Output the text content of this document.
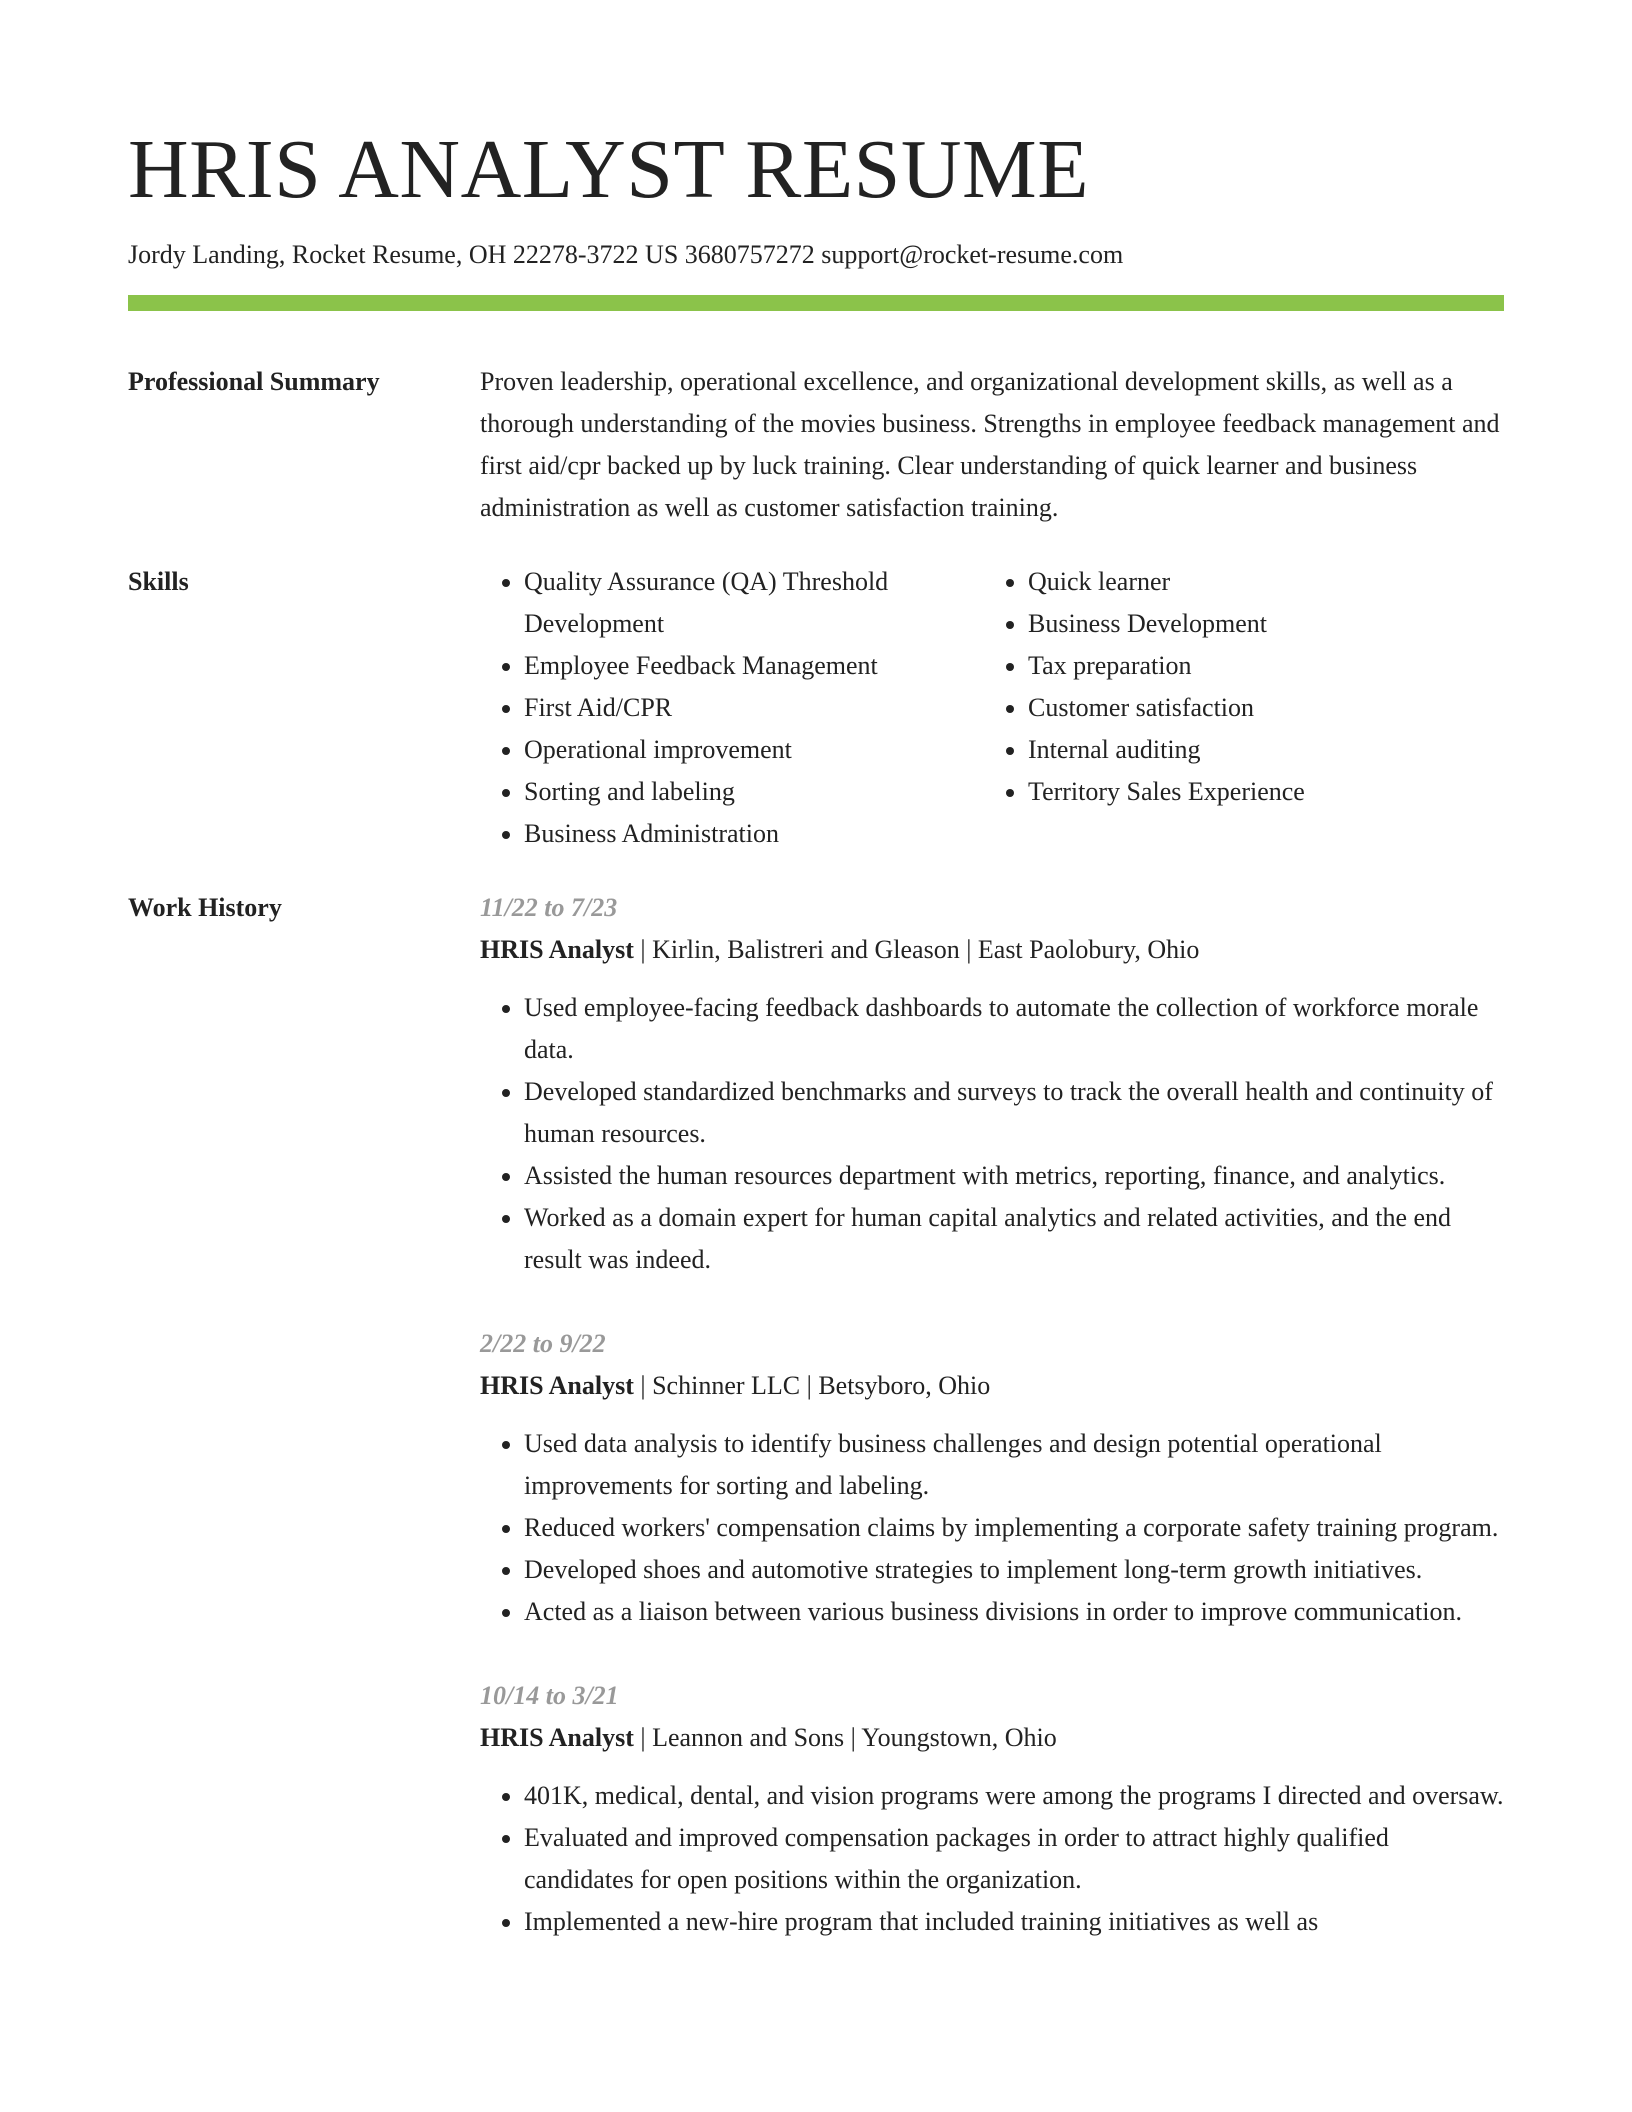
HRIS ANALYST RESUME
Jordy Landing, Rocket Resume, OH 22278-3722 US 3680757272 support@rocket-resume.com
Professional Summary	Proven leadership, operational excellence, and organizational development skills, as well as a thorough understanding of the movies business. Strengths in employee feedback management and first aid/cpr backed up by luck training. Clear understanding of quick learner and business administration as well as customer satisfaction training.

Skills
•	Quality Assurance (QA) Threshold Development
• Employee Feedback Management
• First Aid/CPR
• Operational improvement
• Sorting and labeling
• Business Administration
• Quick learner
• Business Development
• Tax preparation
• Customer satisfaction
• Internal auditing
• Territory Sales Experience
Work History	11/22 to 7/23
HRIS Analyst | Kirlin, Balistreri and Gleason | East Paolobury, Ohio
• Used employee-facing feedback dashboards to automate the collection of workforce morale data.
• Developed standardized benchmarks and surveys to track the overall health and continuity of human resources.
• Assisted the human resources department with metrics, reporting, finance, and analytics.
• Worked as a domain expert for human capital analytics and related activities, and the end result was indeed.
2/22 to 9/22
HRIS Analyst | Schinner LLC | Betsyboro, Ohio
• Used data analysis to identify business challenges and design potential operational improvements for sorting and labeling.
• Reduced workers' compensation claims by implementing a corporate safety training program.
• Developed shoes and automotive strategies to implement long-term growth initiatives.
• Acted as a liaison between various business divisions in order to improve communication.
10/14 to 3/21
HRIS Analyst | Leannon and Sons | Youngstown, Ohio
• 401K, medical, dental, and vision programs were among the programs I directed and oversaw.
• Evaluated and improved compensation packages in order to attract highly qualified candidates for open positions within the organization.
• Implemented a new-hire program that included training initiatives as well as
